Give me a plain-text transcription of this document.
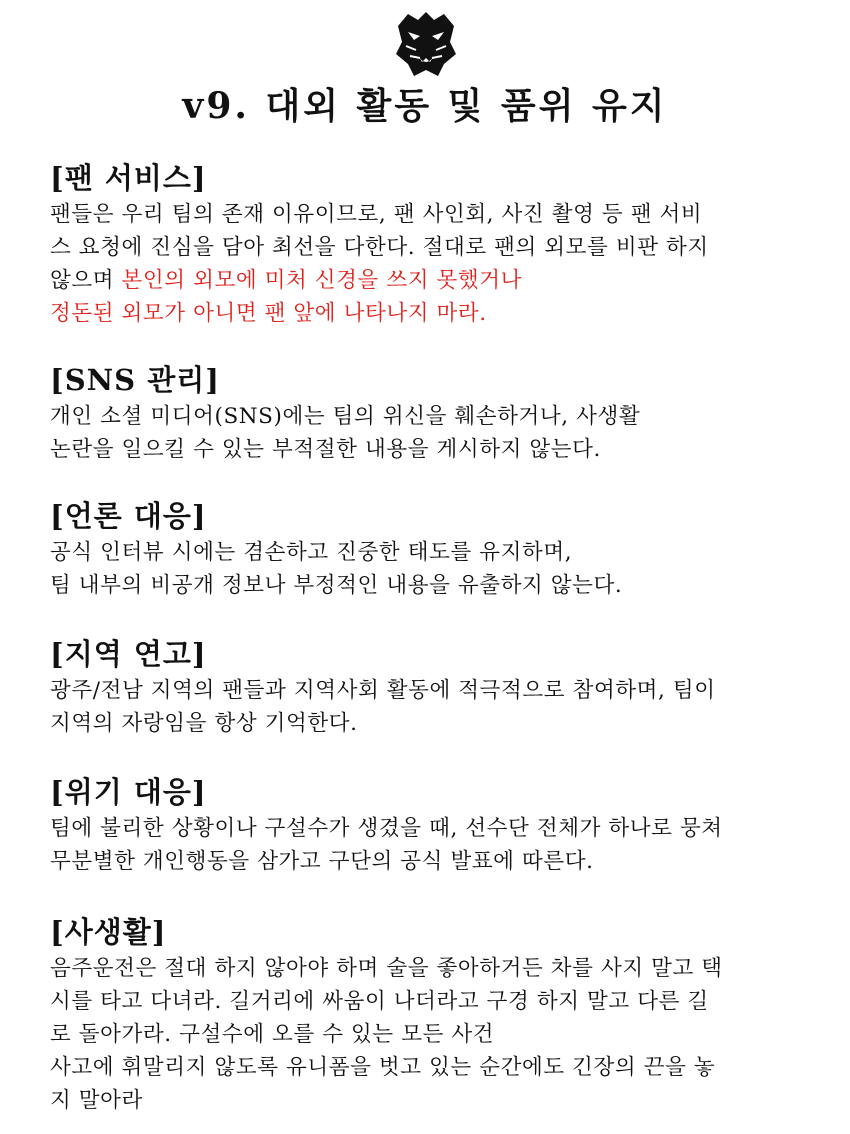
v9. 대외 활동 및 품위 유지
[팬 서비스]

팬들은 우리 팀의 존재 이유이므로, 팬 사인회, 사진 촬영 등 팬 서비
스 요청에 진심을 담아 최선을 다한다. 절대로 팬의 외모를 비판 하지
않으며 본인의 외모에 미처 신경을 쓰지 못했거나
정돈된 외모가 아니면 팬 앞에 나타나지 마라.

[SNS 관리]

개인 소셜 미디어(SNS)에는 팀의 위신을 훼손하거나, 사생활
논란을 일으킬 수 있는 부적절한 내용을 게시하지 않는다.

[언론 대응]

공식 인터뷰 시에는 겸손하고 진중한 태도를 유지하며,
팀 내부의 비공개 정보나 부정적인 내용을 유출하지 않는다.

[지역 연고]

광주/전남 지역의 팬들과 지역사회 활동에 적극적으로 참여하며, 팀이
지역의 자랑임을 항상 기억한다.

[위기 대응]

팀에 불리한 상황이나 구설수가 생겼을 때, 선수단 전체가 하나로 뭉쳐
무분별한 개인행동을 삼가고 구단의 공식 발표에 따른다.

[사생활]

음주운전은 절대 하지 않아야 하며 술을 좋아하거든 차를 사지 말고 택
시를 타고 다녀라. 길거리에 싸움이 나더라고 구경 하지 말고 다른 길
로 돌아가라. 구설수에 오를 수 있는 모든 사건
사고에 휘말리지 않도록 유니폼을 벗고 있는 순간에도 긴장의 끈을 놓
지 말아라
